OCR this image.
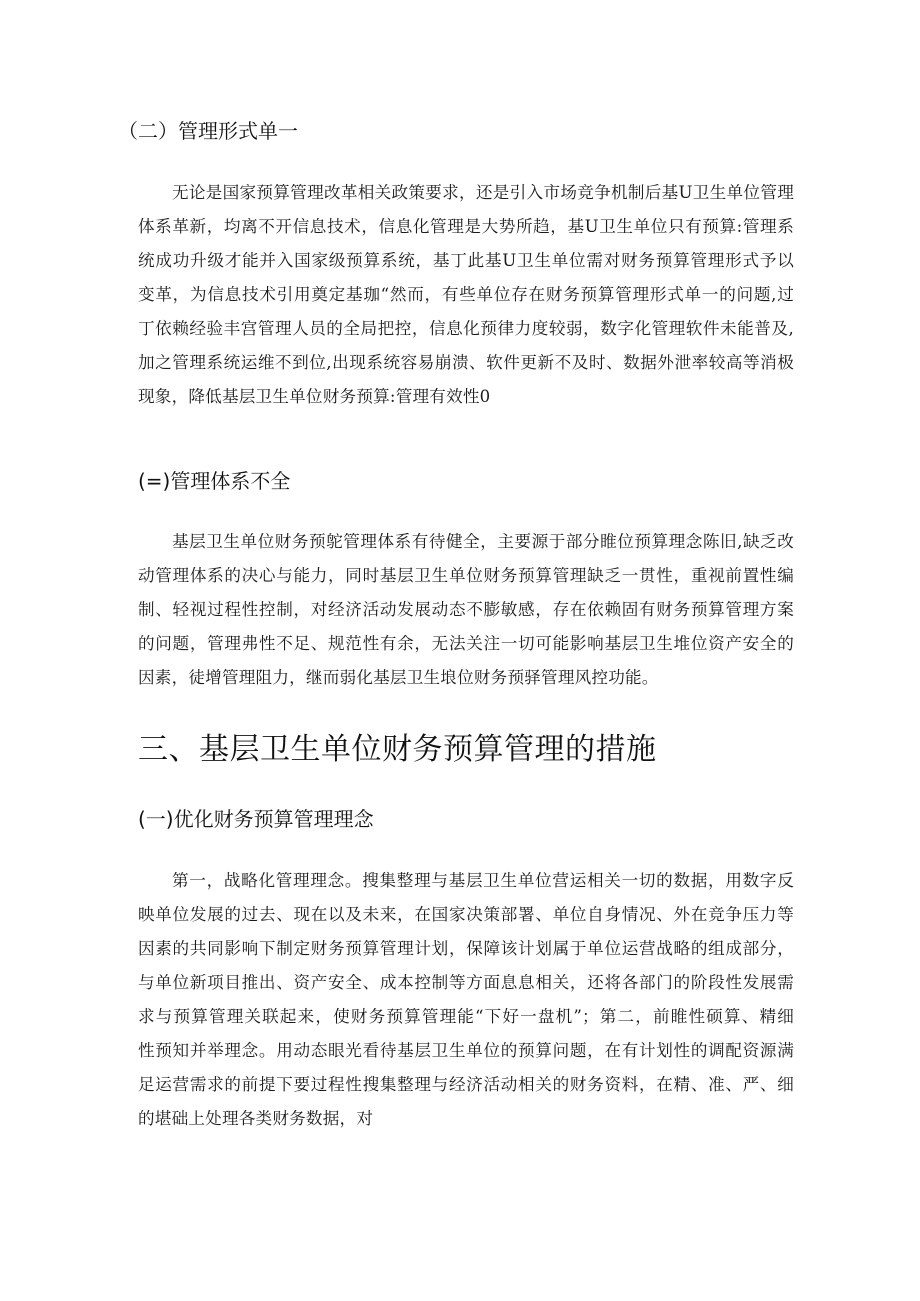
（二）管理形式单一
无论是国家预算管理改革相关政策要求，还是引入市场竞争机制后基U卫生单位管理
体系革新，均离不开信息技术，信息化管理是大势所趋，基U卫生单位只有预算:管理系
统成功升级才能并入国家级预算系统，基丁此基U卫生单位需对财务预算管理形式予以
变革，为信息技术引用奠定基珈“然而，有些单位存在财务预算管理形式单一的问题,过
丁依赖经验丰宫管理人员的全局把控，信息化预律力度较弱，数字化管理软件未能普及,
加之管理系统运维不到位,出现系统容易崩溃、软件更新不及时、数据外泄率较高等消极
现象，降低基层卫生单位财务预算:管理有效性0
(=)管理体系不全
基层卫生单位财务预鸵管理体系有待健全，主要源于部分睢位预算理念陈旧,缺乏改
动管理体系的决心与能力，同时基层卫生单位财务预算管理缺乏一贯性，重视前置性编
制、轻视过程性控制，对经济活动发展动态不膨敏感，存在依赖固有财务预算管理方案
的问题，管理弗性不足、规范性有余，无法关注一切可能影响基层卫生堆位资产安全的
因素，徒增管理阻力，继而弱化基层卫生埌位财务预驿管理风控功能。
三、基层卫生单位财务预算管理的措施
(一)优化财务预算管理理念
第一，战略化管理理念。搜集整理与基层卫生单位营运相关一切的数据，用数字反
映单位发展的过去、现在以及未来，在国家决策部署、单位自身情况、外在竞争压力等
因素的共同影响下制定财务预算管理计划，保障该计划属于单位运营战略的组成部分，
与单位新项目推出、资产安全、成本控制等方面息息相关，还将各部门的阶段性发展需
求与预算管理关联起来，使财务预算管理能“下好一盘机”；第二，前睢性硕算、精细
性预知并举理念。用动态眼光看待基层卫生单位的预算问题，在有计划性的调配资源满
足运营需求的前提下要过程性搜集整理与经济活动相关的财务资料，在精、准、严、细
的堪础上处理各类财务数据，对
